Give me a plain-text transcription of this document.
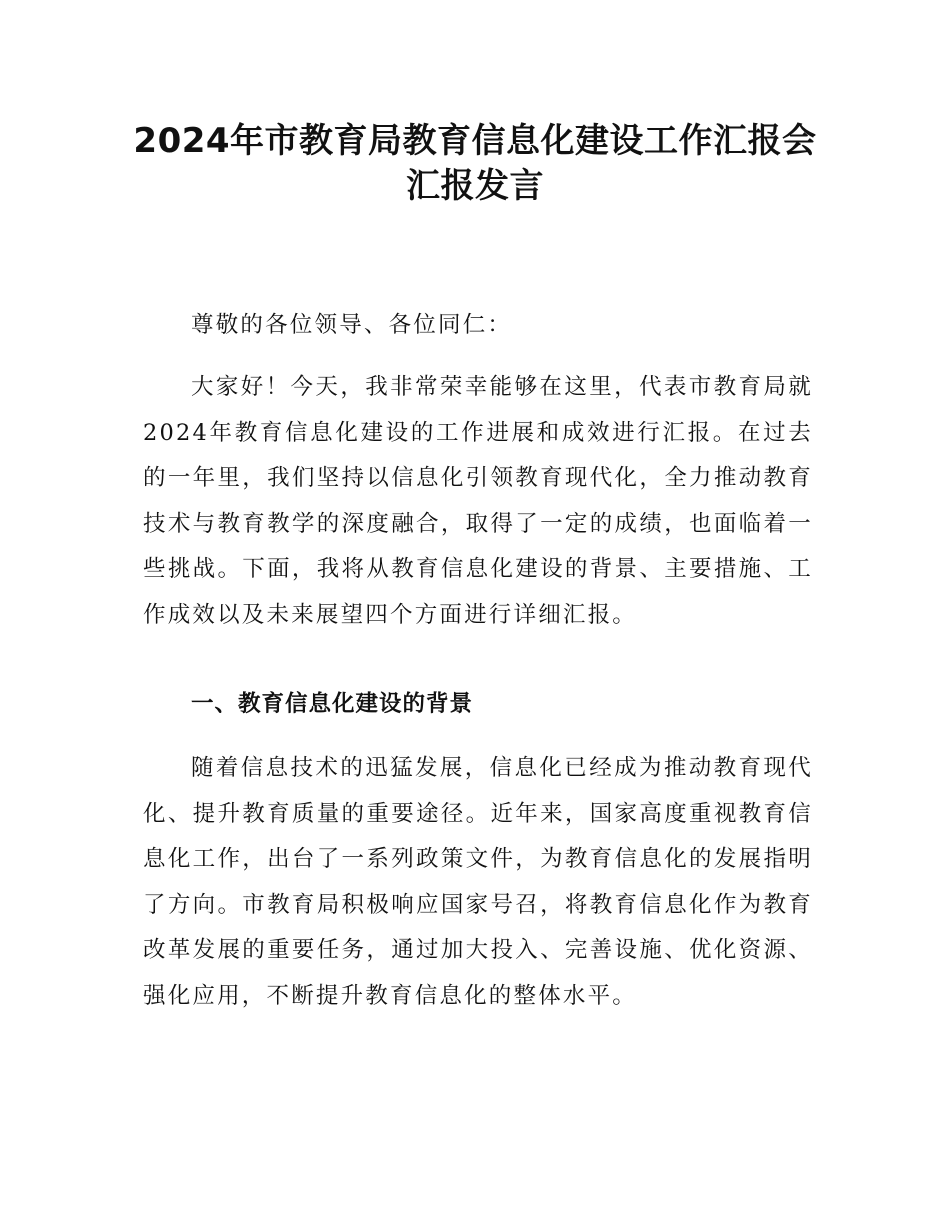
2024年市教育局教育信息化建设工作汇报会
汇报发言

尊敬的各位领导、各位同仁：

大家好！今天，我非常荣幸能够在这里，代表市教育局就2024年教育信息化建设的工作进展和成效进行汇报。在过去的一年里，我们坚持以信息化引领教育现代化，全力推动教育技术与教育教学的深度融合，取得了一定的成绩，也面临着一些挑战。下面，我将从教育信息化建设的背景、主要措施、工作成效以及未来展望四个方面进行详细汇报。

一、教育信息化建设的背景

随着信息技术的迅猛发展，信息化已经成为推动教育现代化、提升教育质量的重要途径。近年来，国家高度重视教育信息化工作，出台了一系列政策文件，为教育信息化的发展指明了方向。市教育局积极响应国家号召，将教育信息化作为教育改革发展的重要任务，通过加大投入、完善设施、优化资源、强化应用，不断提升教育信息化的整体水平。
